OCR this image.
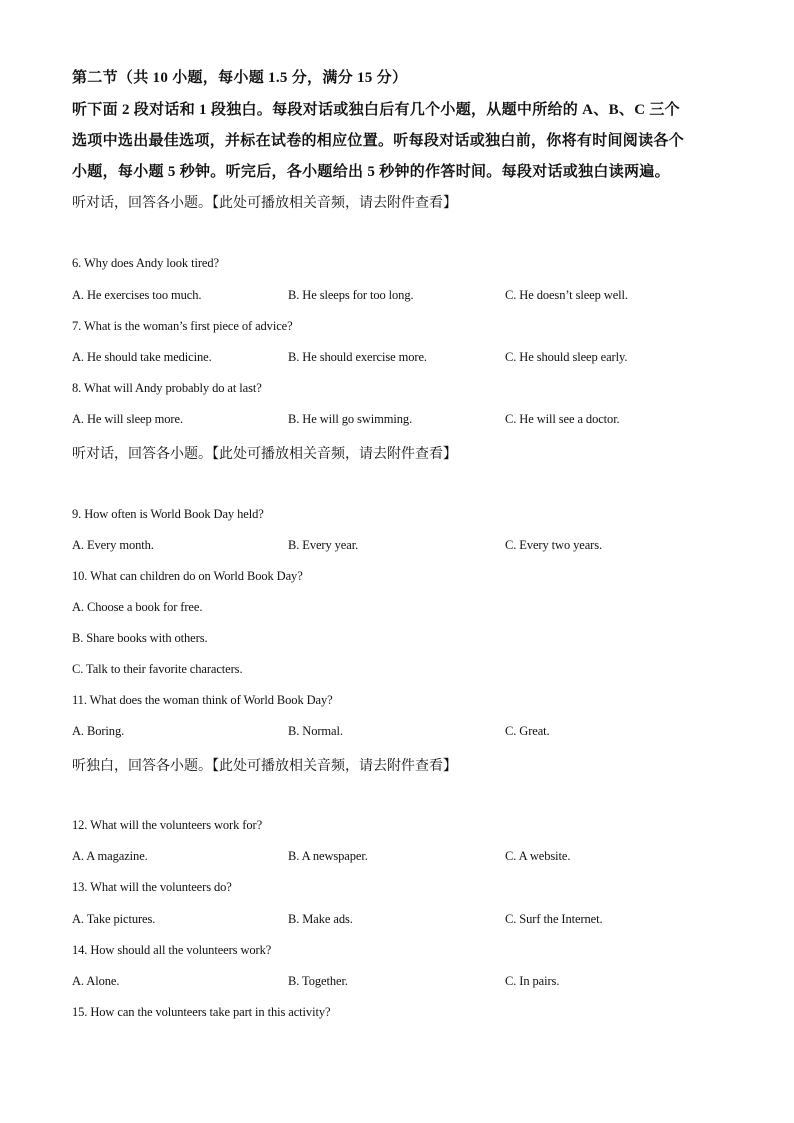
第二节（共 10 小题，每小题 1.5 分，满分 15 分）
听下面 2 段对话和 1 段独白。每段对话或独白后有几个小题，从题中所给的 A、B、C 三个
选项中选出最佳选项，并标在试卷的相应位置。听每段对话或独白前，你将有时间阅读各个
小题，每小题 5 秒钟。听完后，各小题给出 5 秒钟的作答时间。每段对话或独白读两遍。
听对话，回答各小题。【此处可播放相关音频，请去附件查看】
6. Why does Andy look tired?
A. He exercises too much.	B. He sleeps for too long.	C. He doesn’t sleep well.
7. What is the woman’s first piece of advice?
A. He should take medicine.	B. He should exercise more.	C. He should sleep early.
8. What will Andy probably do at last?
A. He will sleep more.	B. He will go swimming.	C. He will see a doctor.
听对话，回答各小题。【此处可播放相关音频，请去附件查看】
9. How often is World Book Day held?
A. Every month.	B. Every year.	C. Every two years.
10. What can children do on World Book Day?
A. Choose a book for free.
B. Share books with others.
C. Talk to their favorite characters.
11. What does the woman think of World Book Day?
A. Boring.	B. Normal.	C. Great.
听独白，回答各小题。【此处可播放相关音频，请去附件查看】
12. What will the volunteers work for?
A. A magazine.	B. A newspaper.	C. A website.
13. What will the volunteers do?
A. Take pictures.	B. Make ads.	C. Surf the Internet.
14. How should all the volunteers work?
A. Alone.	B. Together.	C. In pairs.
15. How can the volunteers take part in this activity?
